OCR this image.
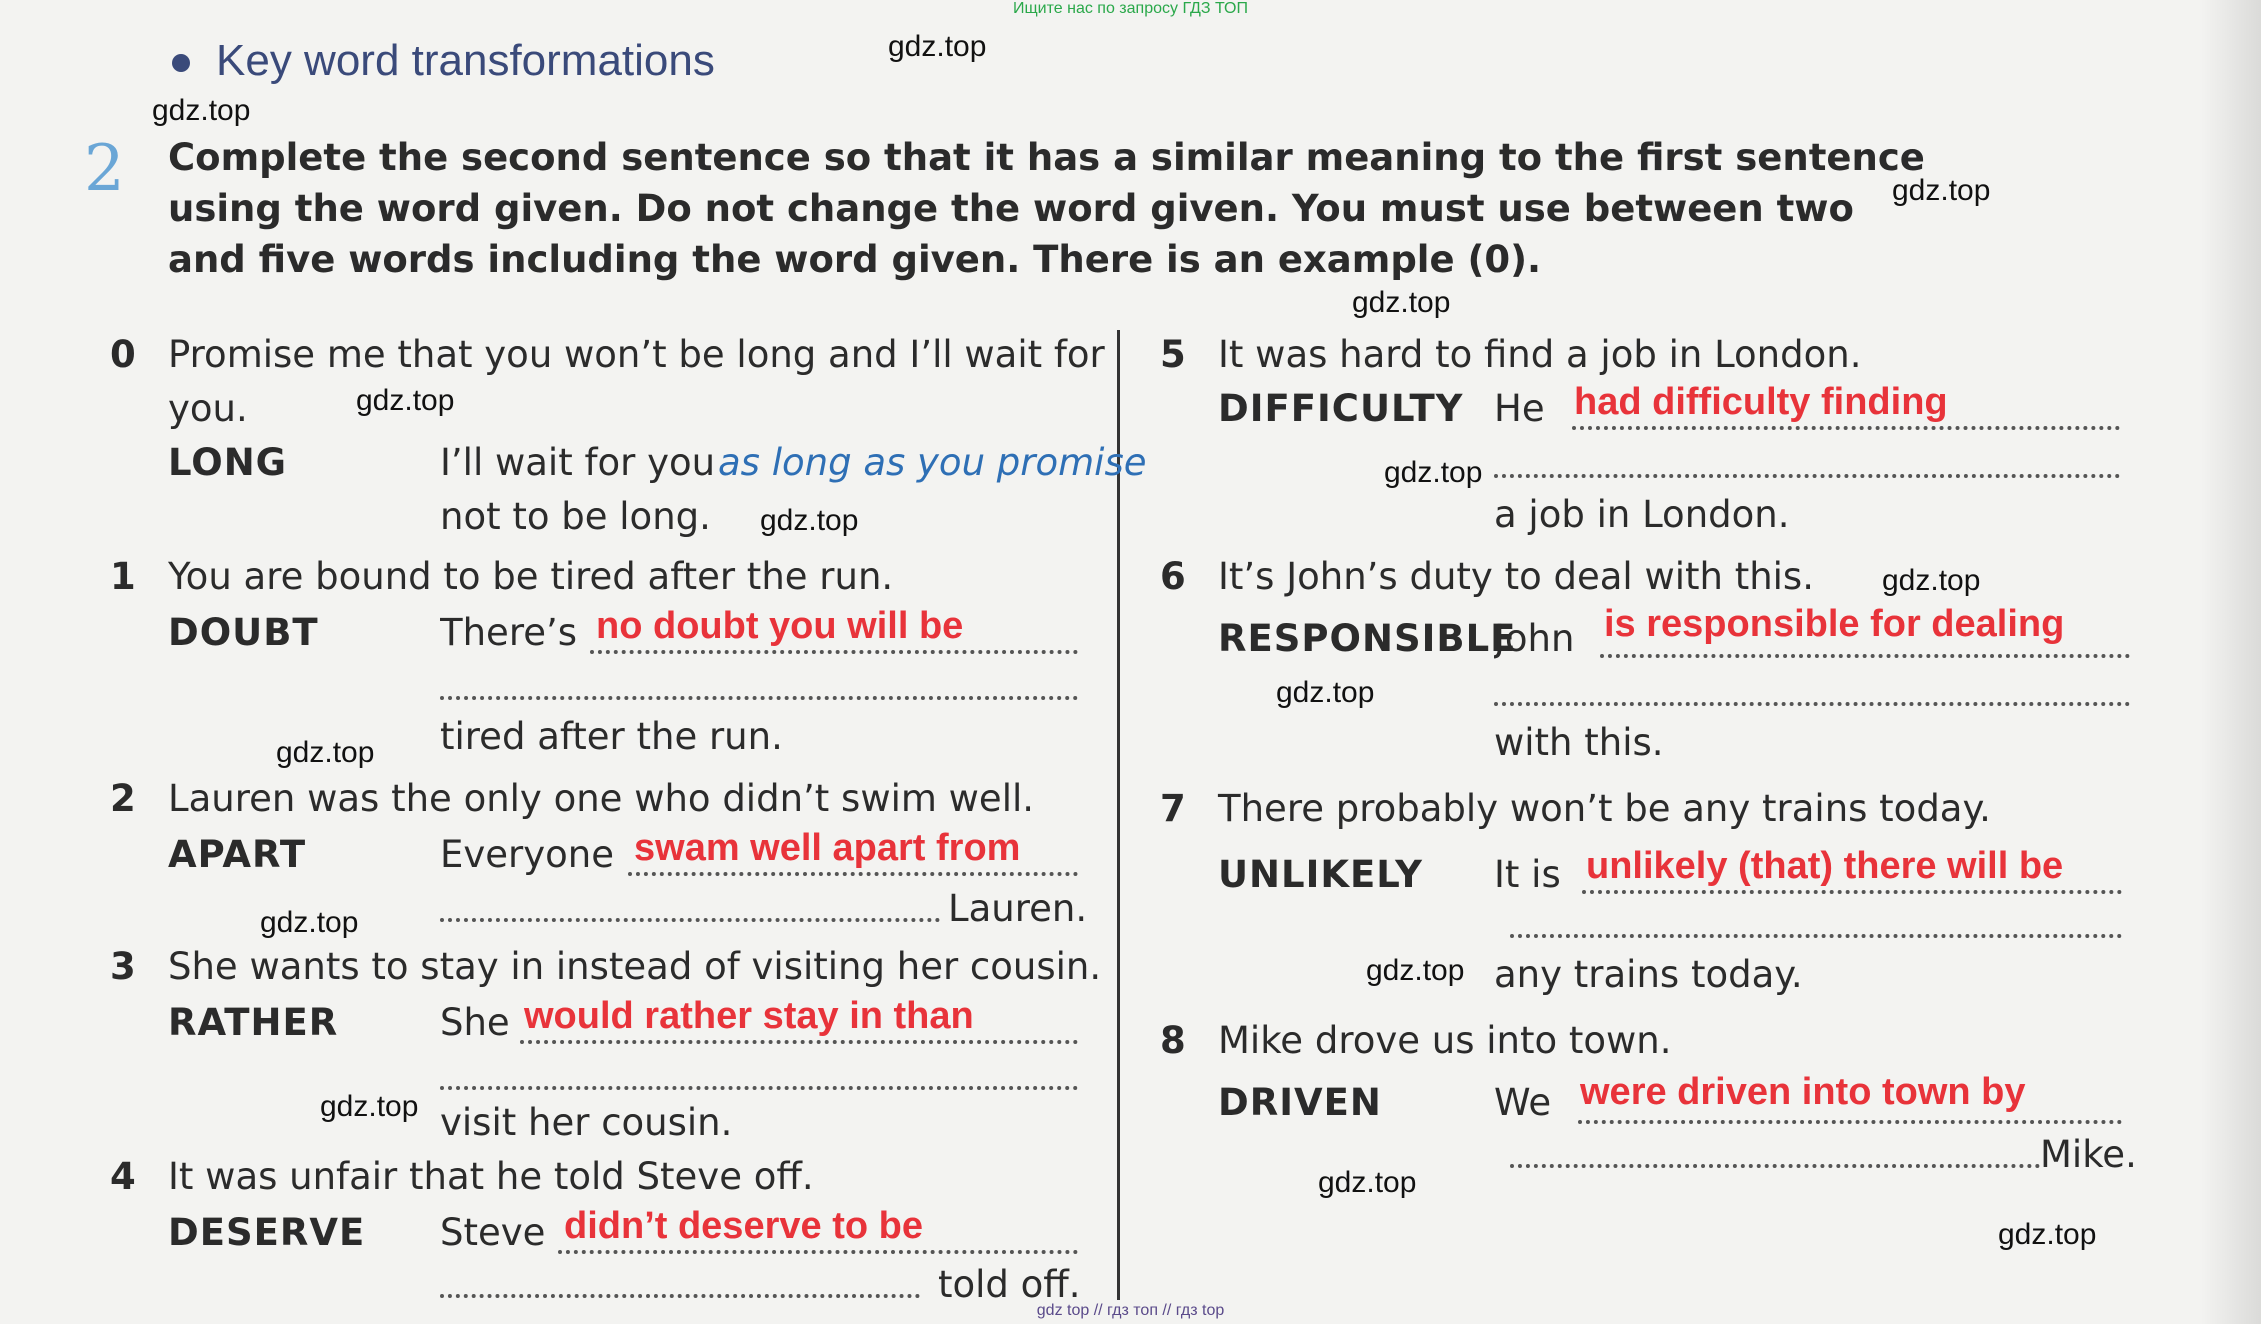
Ищите нас по запросу ГДЗ ТОП
Key word transformations
2 Complete the second sentence so that it has a similar meaning to the first sentence using the word given. Do not change the word given. You must use between two and five words including the word given. There is an example (0).
0 Promise me that you won’t be long and I’ll wait for
you.
LONG	I’ll wait for you as long as you promise
not to be long.
1 You are bound to be tired after the run.
DOUBT	There’s no doubt you will be
tired after the run.
2 Lauren was the only one who didn’t swim well.
APART	Everyone swam well apart from
Lauren.
3 She wants to stay in instead of visiting her cousin.
RATHER	She would rather stay in than
visit her cousin.
4 It was unfair that he told Steve off.
DESERVE Steve didn’t deserve to be
told off.
5 It was hard to find a job in London.
DIFFICULTY He had difficulty finding
a job in London.
6 It’s John’s duty to deal with this.
RESPONSIBLE
John is responsible for dealing
with this.
7 There probably won’t be any trains today.
UNLIKELY It is unlikely (that) there will be
any trains today.
8 Mike drove us into town.
DRIVEN	We were driven into town by
Mike.
gdz.top
gdz.top
gdz.top
gdz.top
gdz.top
gdz.top
gdz.top
gdz.top
gdz.top
gdz.top
gdz.top
gdz.top
gdz.top
gdz.top
gdz.top
gdz top // гдз топ // гдз top
